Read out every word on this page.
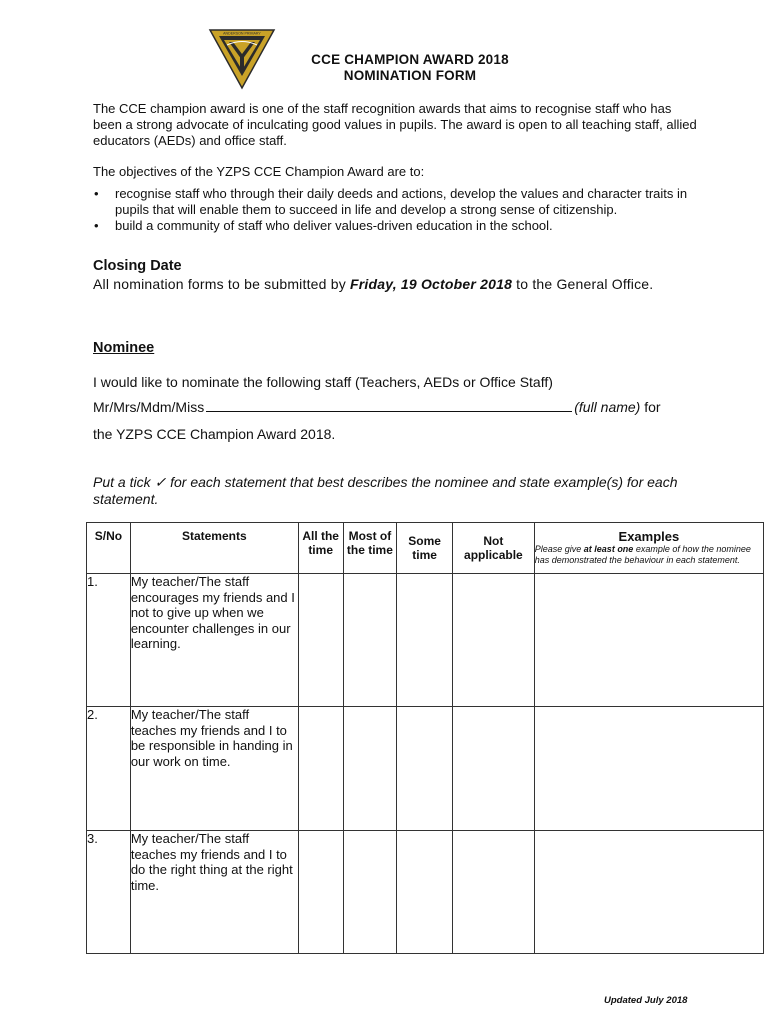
ANDERSON PRIMARY
CCE CHAMPION AWARD 2018
NOMINATION FORM
The CCE champion award is one of the staff recognition awards that aims to recognise staff who has been a strong advocate of inculcating good values in pupils. The award is open to all teaching staff, allied educators (AEDs) and office staff.
The objectives of the YZPS CCE Champion Award are to:
• recognise staff who through their daily deeds and actions, develop the values and character traits in pupils that will enable them to succeed in life and develop a strong sense of citizenship.
• build a community of staff who deliver values-driven education in the school.
Closing Date
All nomination forms to be submitted by Friday, 19 October 2018 to the General Office.
Nominee
I would like to nominate the following staff (Teachers, AEDs or Office Staff)
Mr/Mrs/Mdm/Miss	(full name) for
the YZPS CCE Champion Award 2018.
Put a tick ✓ for each statement that best describes the nominee and state example(s) for each statement.
S/No	Statements	All the time	Most of the time	Some time	Not applicable	Examples
Please give at least one example of how the nominee has demonstrated the behaviour in each statement.

1.	My teacher/The staff encourages my friends and I not to give up when we encounter challenges in our learning.					
2.	My teacher/The staff teaches my friends and I to be responsible in handing in our work on time.					
3.	My teacher/The staff teaches my friends and I to do the right thing at the right time.					
Updated July 2018
